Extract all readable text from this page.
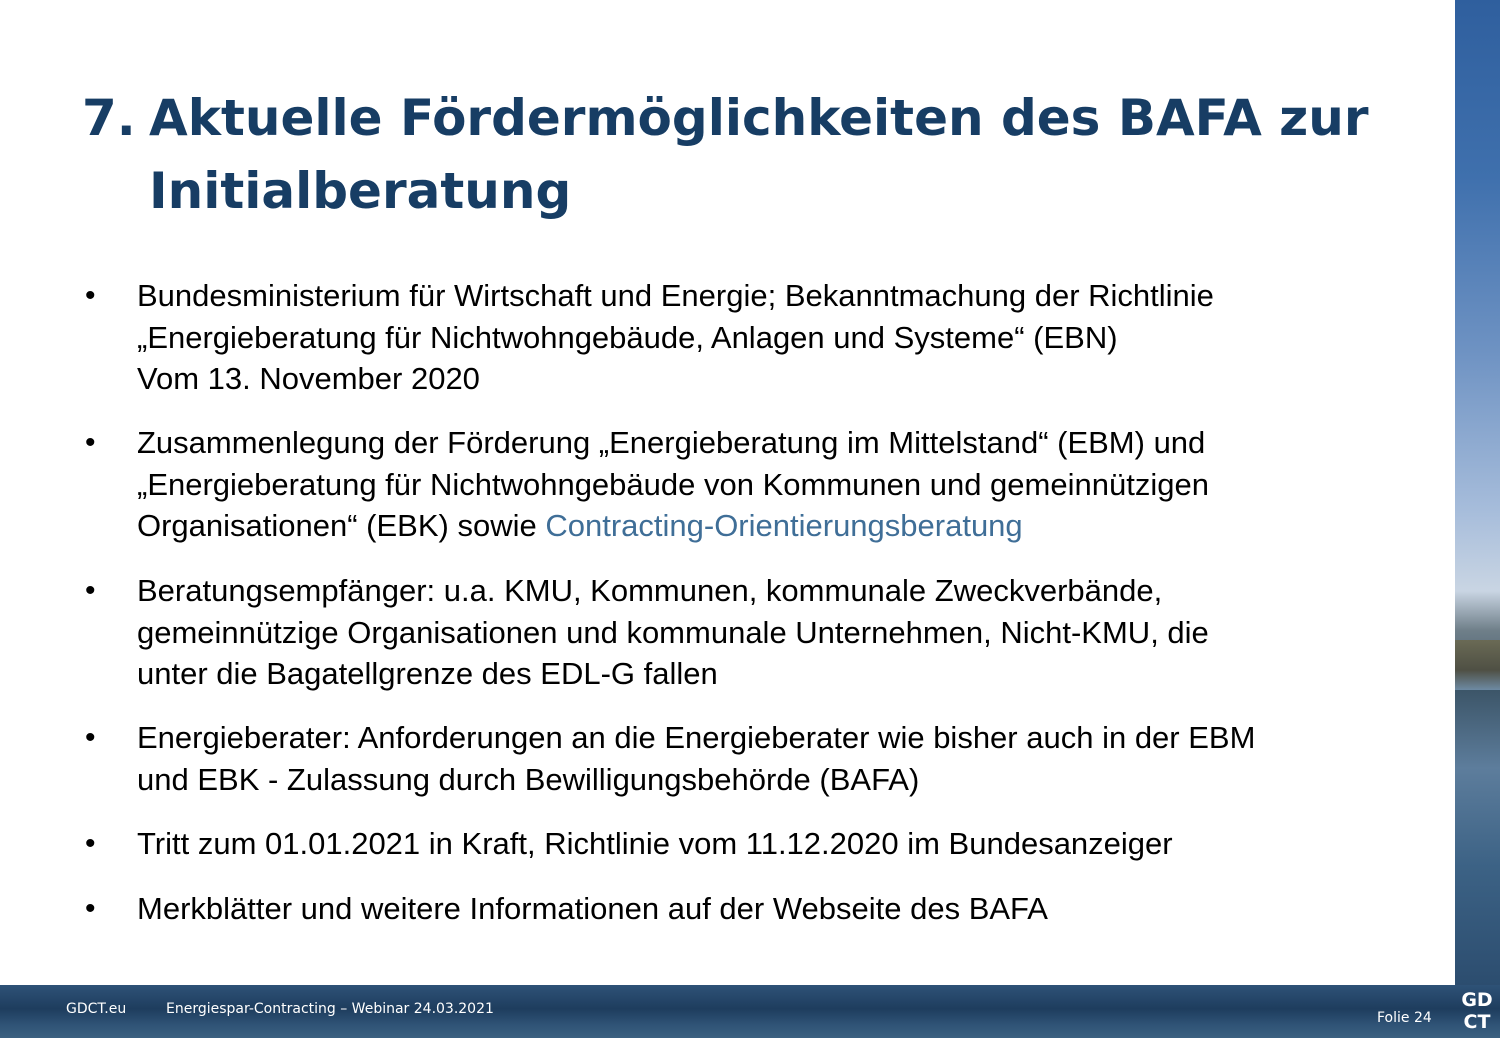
7. Aktuelle Fördermöglichkeiten des BAFA zur
Initialberatung
• Bundesministerium für Wirtschaft und Energie; Bekanntmachung der Richtlinie
„Energieberatung für Nichtwohngebäude, Anlagen und Systeme“ (EBN)
Vom 13. November 2020
• Zusammenlegung der Förderung „Energieberatung im Mittelstand“ (EBM) und
„Energieberatung für Nichtwohngebäude von Kommunen und gemeinnützigen
Organisationen“ (EBK) sowie Contracting-Orientierungsberatung
• Beratungsempfänger: u.a. KMU, Kommunen, kommunale Zweckverbände,
gemeinnützige Organisationen und kommunale Unternehmen, Nicht-KMU, die
unter die Bagatellgrenze des EDL-G fallen
• Energieberater: Anforderungen an die Energieberater wie bisher auch in der EBM
und EBK - Zulassung durch Bewilligungsbehörde (BAFA)
• Tritt zum 01.01.2021 in Kraft, Richtlinie vom 11.12.2020 im Bundesanzeiger
• Merkblätter und weitere Informationen auf der Webseite des BAFA
GDCT.eu	Energiespar-Contracting – Webinar 24.03.2021
Folie 24
GD
CT
